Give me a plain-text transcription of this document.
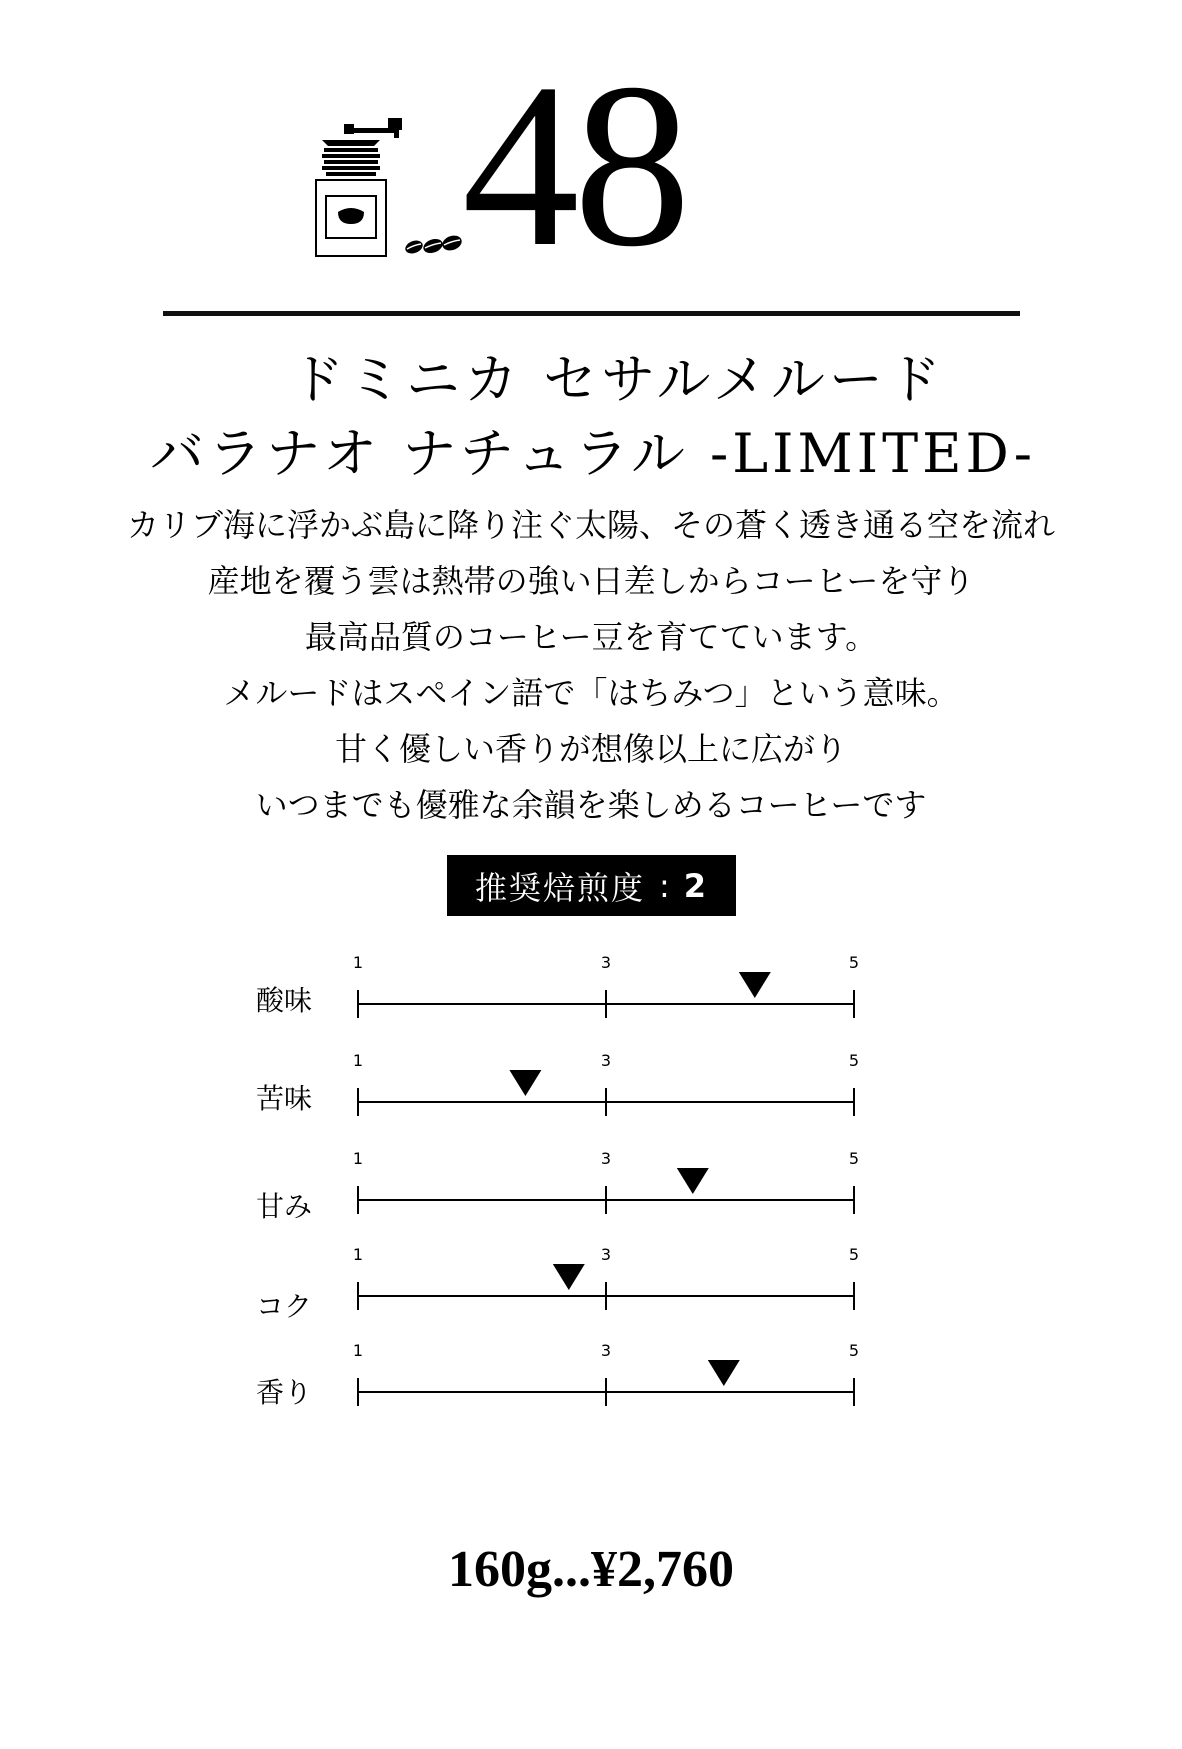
48
ドミニカ セサルメルード
バラナオ ナチュラル -LIMITED-
カリブ海に浮かぶ島に降り注ぐ太陽、その蒼く透き通る空を流れ
産地を覆う雲は熱帯の強い日差しからコーヒーを守り
最高品質のコーヒー豆を育てています。
メルードはスペイン語で「はちみつ」という意味。
甘く優しい香りが想像以上に広がり
いつまでも優雅な余韻を楽しめるコーヒーです
推奨焙煎度 : 2
酸味
1	3	5
苦味
1	3	5
甘み
1	3	5
コク
1	3	5
香り
1	3	5
160g...¥2,760
